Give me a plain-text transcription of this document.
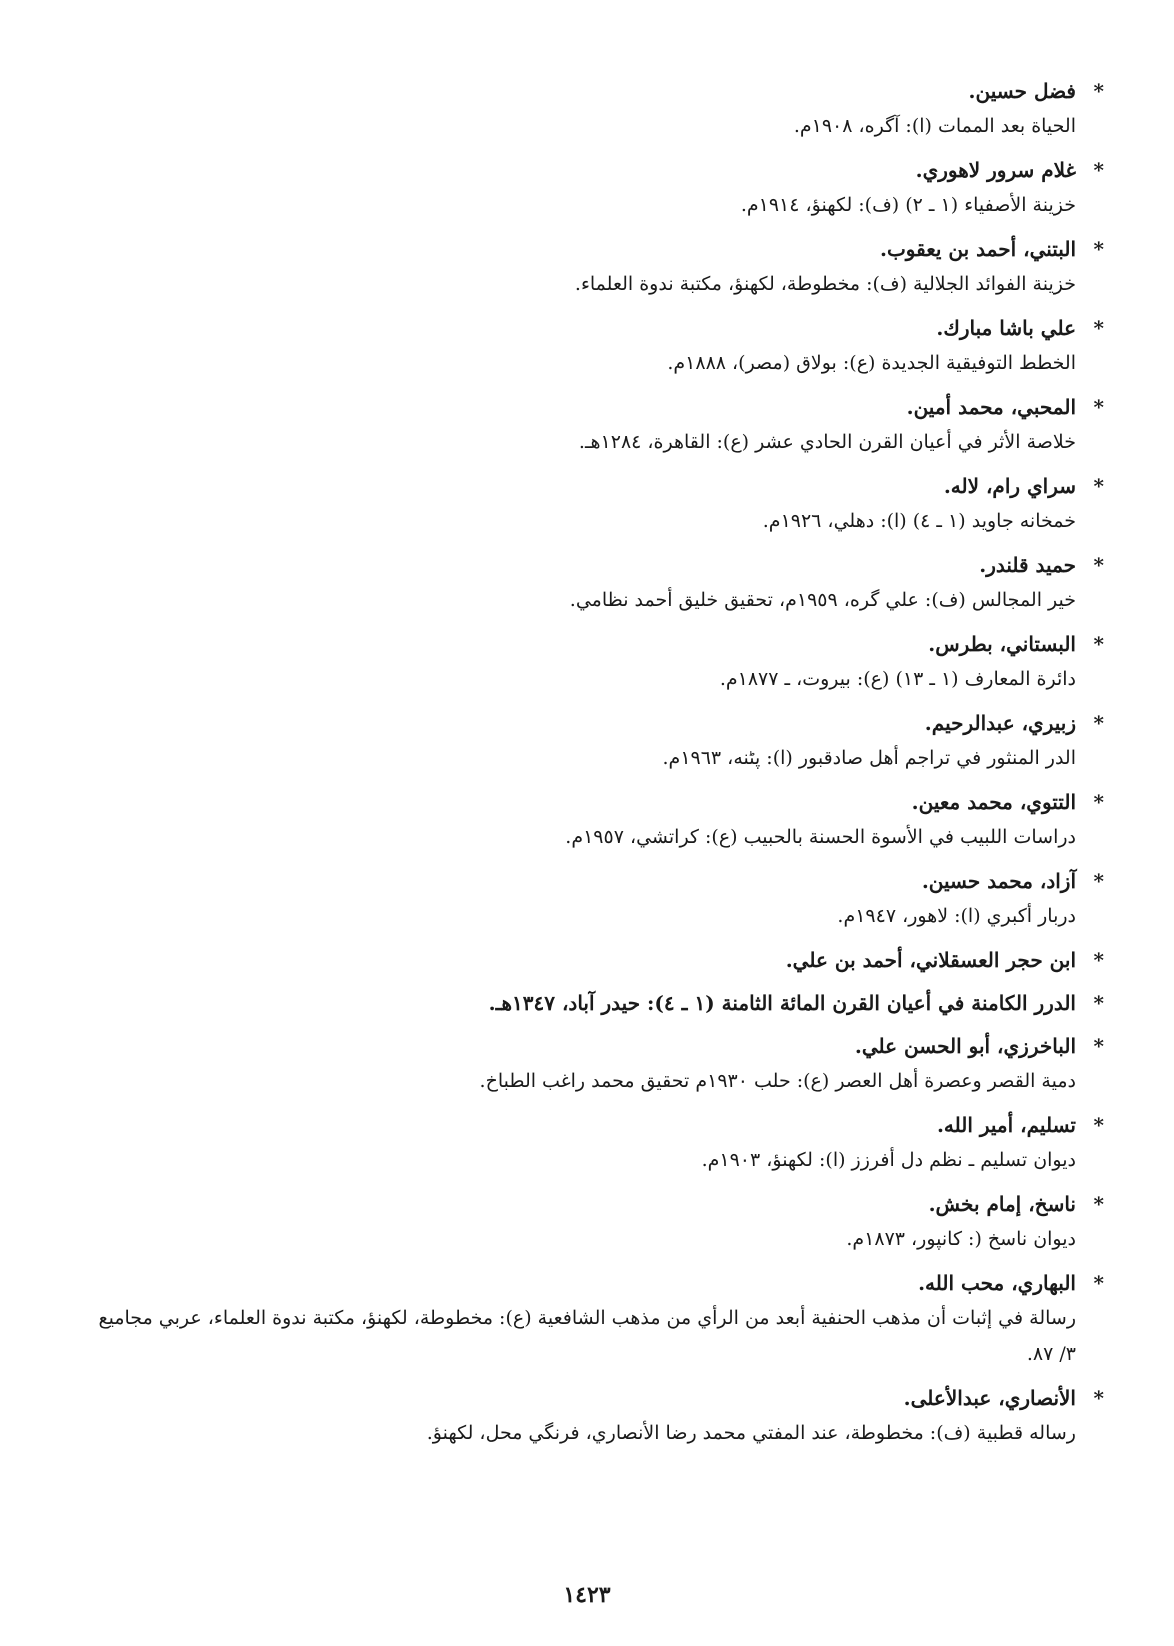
*فضل حسين.
الحياة بعد الممات (ا): آگره، ١٩٠٨م.
*غلام سرور لاهوري.
خزينة الأصفياء (١ ـ ٢) (ف): لكهنؤ، ١٩١٤م.
*البتني، أحمد بن يعقوب.
خزينة الفوائد الجلالية (ف): مخطوطة، لكهنؤ، مكتبة ندوة العلماء.
*علي باشا مبارك.
الخطط التوفيقية الجديدة (ع): بولاق (مصر)، ١٨٨٨م.
*المحبي، محمد أمين.
خلاصة الأثر في أعيان القرن الحادي عشر (ع): القاهرة، ١٢٨٤هـ.
*سراي رام، لاله.
خمخانه جاويد (١ ـ ٤) (ا): دهلي، ١٩٢٦م.
*حميد قلندر.
خير المجالس (ف): علي گره، ١٩٥٩م، تحقيق خليق أحمد نظامي.
*البستاني، بطرس.
دائرة المعارف (١ ـ ١٣) (ع): بيروت، ـ ١٨٧٧م.
*زبيري، عبدالرحيم.
الدر المنثور في تراجم أهل صادقبور (ا): پٹنه، ١٩٦٣م.
*التتوي، محمد معين.
دراسات اللبيب في الأسوة الحسنة بالحبيب (ع): كراتشي، ١٩٥٧م.
*آزاد، محمد حسين.
دربار أكبري (ا): لاهور، ١٩٤٧م.
*ابن حجر العسقلاني، أحمد بن علي.
*الدرر الكامنة في أعيان القرن المائة الثامنة (١ ـ ٤): حيدر آباد، ١٣٤٧هـ.
*الباخرزي، أبو الحسن علي.
دمية القصر وعصرة أهل العصر (ع): حلب ١٩٣٠م تحقيق محمد راغب الطباخ.
*تسليم، أمير الله.
ديوان تسليم ـ نظم دل أفرزز (ا): لكهنؤ، ١٩٠٣م.
*ناسخ، إمام بخش.
ديوان ناسخ (: كانپور، ١٨٧٣م.
*البهاري، محب الله.
رسالة في إثبات أن مذهب الحنفية أبعد من الرأي من مذهب الشافعية (ع): مخطوطة، لكهنؤ، مكتبة ندوة العلماء، عربي مجاميع ٣/ ٨٧.
*الأنصاري، عبدالأعلى.
رساله قطبية (ف): مخطوطة، عند المفتي محمد رضا الأنصاري، فرنگي محل، لكهنؤ.
١٤٢٣
